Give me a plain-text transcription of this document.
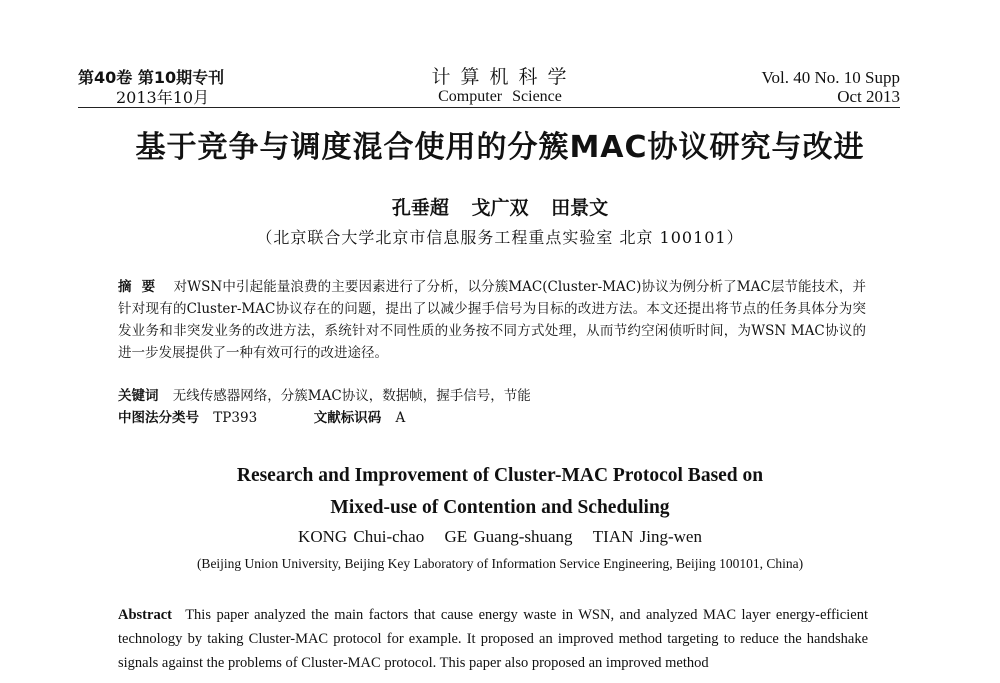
第40卷 第10期专刊
2013年10月
计算机科学
Computer Science
Vol. 40 No. 10 Supp
Oct 2013
基于竞争与调度混合使用的分簇MAC协议研究与改进
孔垂超 戈广双 田景文
（北京联合大学北京市信息服务工程重点实验室 北京 100101）
摘要 对WSN中引起能量浪费的主要因素进行了分析，以分簇MAC(Cluster-MAC)协议为例分析了MAC层节能技术，并针对现有的Cluster-MAC协议存在的问题，提出了以减少握手信号为目标的改进方法。本文还提出将节点的任务具体分为突发业务和非突发业务的改进方法，系统针对不同性质的业务按不同方式处理，从而节约空闲侦听时间，为WSN MAC协议的进一步发展提供了一种有效可行的改进途径。
关键词 无线传感器网络，分簇MAC协议，数据帧，握手信号，节能
中图法分类号 TP393	文献标识码 A
Research and Improvement of Cluster-MAC Protocol Based on
Mixed-use of Contention and Scheduling
KONG Chui-chao GE Guang-shuang TIAN Jing-wen
(Beijing Union University, Beijing Key Laboratory of Information Service Engineering, Beijing 100101, China)
Abstract This paper analyzed the main factors that cause energy waste in WSN, and analyzed MAC layer energy-efficient technology by taking Cluster-MAC protocol for example. It proposed an improved method targeting to reduce the handshake signals against the problems of Cluster-MAC protocol. This paper also proposed an improved method
